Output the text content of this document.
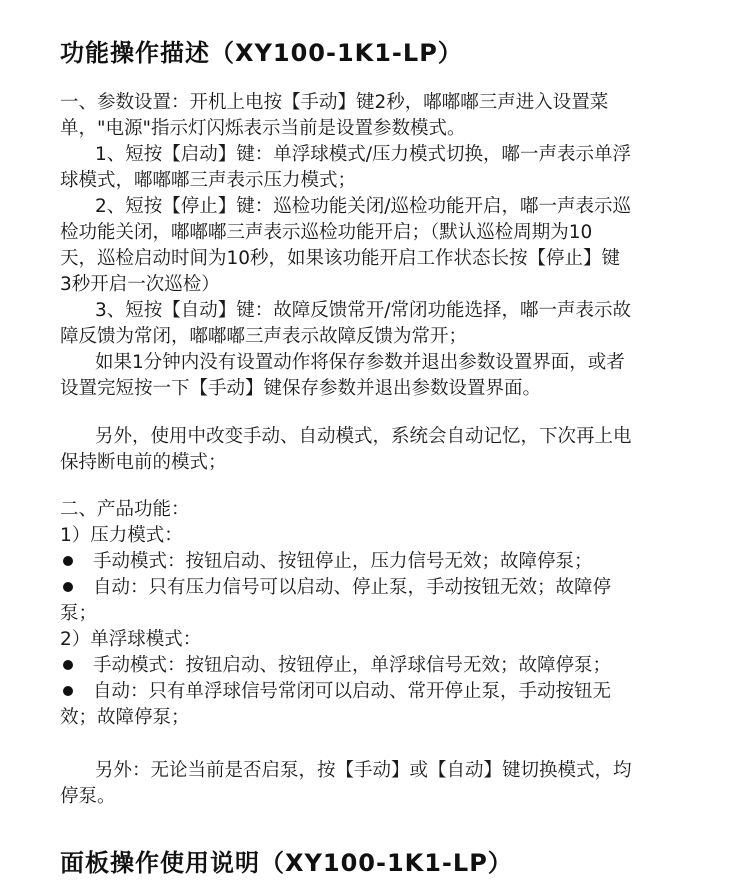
功能操作描述（XY100-1K1-LP）
一、参数设置：开机上电按【手动】键2秒，嘟嘟嘟三声进入设置菜
单，"电源"指示灯闪烁表示当前是设置参数模式。
1、短按【启动】键：单浮球模式/压力模式切换，嘟一声表示单浮
球模式，嘟嘟嘟三声表示压力模式；
2、短按【停止】键：巡检功能关闭/巡检功能开启，嘟一声表示巡
检功能关闭，嘟嘟嘟三声表示巡检功能开启；（默认巡检周期为10
天，巡检启动时间为10秒，如果该功能开启工作状态长按【停止】键
3秒开启一次巡检）
3、短按【自动】键：故障反馈常开/常闭功能选择，嘟一声表示故
障反馈为常闭，嘟嘟嘟三声表示故障反馈为常开；
如果1分钟内没有设置动作将保存参数并退出参数设置界面，或者
设置完短按一下【手动】键保存参数并退出参数设置界面。
另外，使用中改变手动、自动模式，系统会自动记忆，下次再上电
保持断电前的模式；
二、产品功能：
1）压力模式：
手动模式：按钮启动、按钮停止，压力信号无效；故障停泵；
自动：只有压力信号可以启动、停止泵，手动按钮无效；故障停
泵；
2）单浮球模式：
手动模式：按钮启动、按钮停止，单浮球信号无效；故障停泵；
自动：只有单浮球信号常闭可以启动、常开停止泵，手动按钮无
效；故障停泵；
另外：无论当前是否启泵，按【手动】或【自动】键切换模式，均
停泵。
面板操作使用说明（XY100-1K1-LP）
